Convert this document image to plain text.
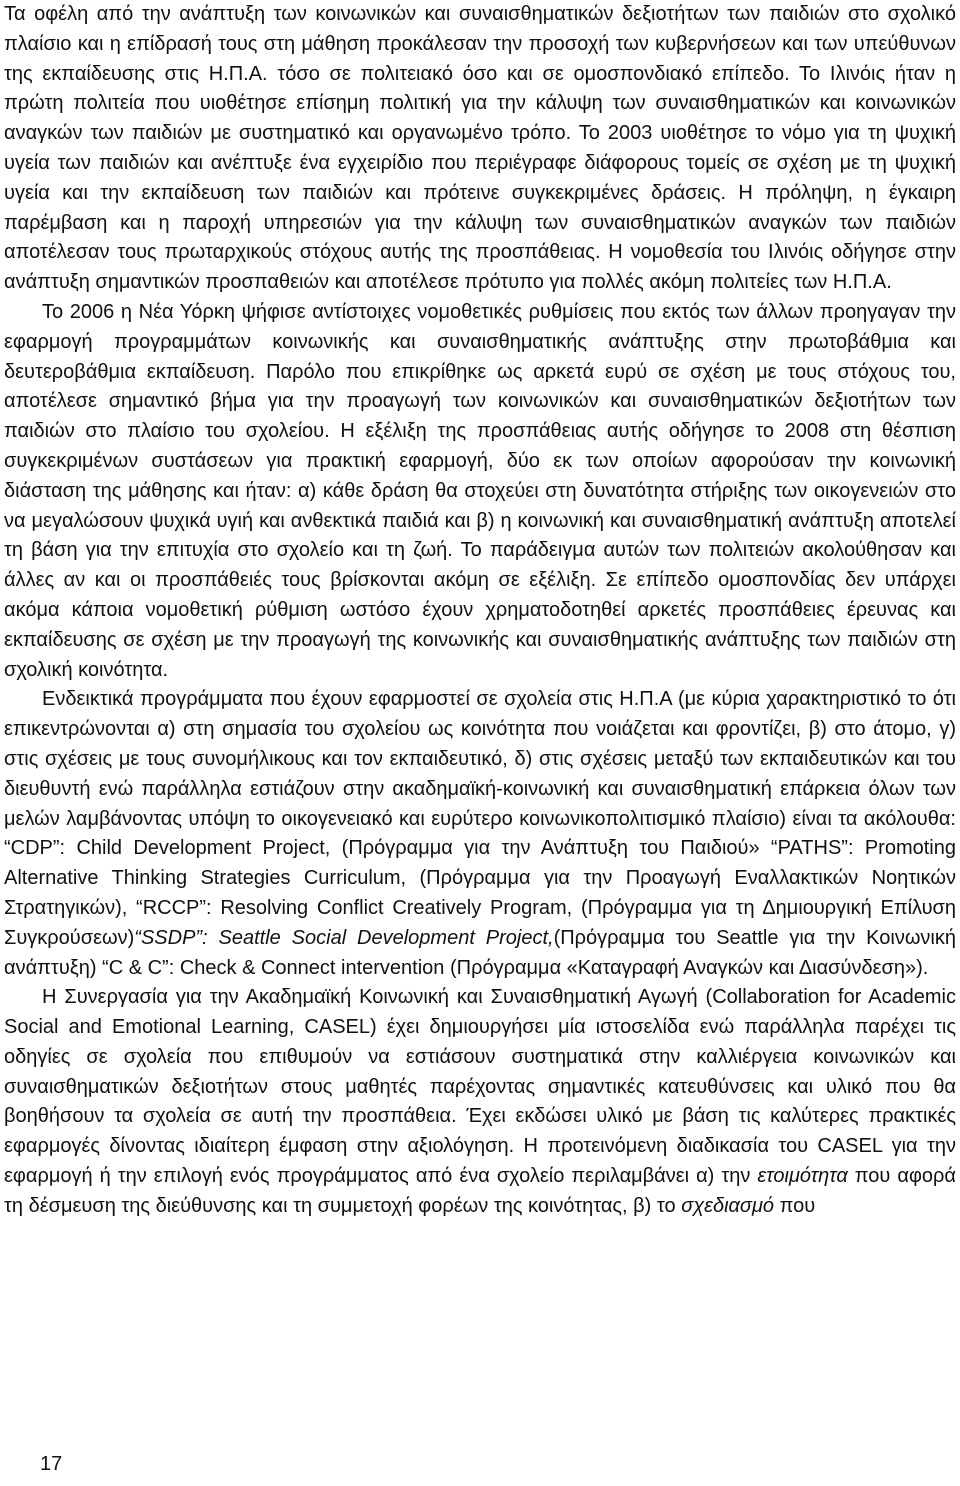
Τα οφέλη από την ανάπτυξη των κοινωνικών και συναισθηματικών δεξιοτήτων των παιδιών στο σχολικό πλαίσιο και η επίδρασή τους στη μάθηση προκάλεσαν την προσοχή των κυβερνήσεων και των υπεύθυνων της εκπαίδευσης στις Η.Π.Α. τόσο σε πολιτειακό όσο και σε ομοσπονδιακό επίπεδο. Το Ιλινόις ήταν η πρώτη πολιτεία που υιοθέτησε επίσημη πολιτική για την κάλυψη των συναισθηματικών και κοινωνικών αναγκών των παιδιών με συστηματικό και οργανωμένο τρόπο. Το 2003 υιοθέτησε το νόμο για τη ψυχική υγεία των παιδιών και ανέπτυξε ένα εγχειρίδιο που περιέγραφε διάφορους τομείς σε σχέση με τη ψυχική υγεία και την εκπαίδευση των παιδιών και πρότεινε συγκεκριμένες δράσεις. Η πρόληψη, η έγκαιρη παρέμβαση και η παροχή υπηρεσιών για την κάλυψη των συναισθηματικών αναγκών των παιδιών αποτέλεσαν τους πρωταρχικούς στόχους αυτής της προσπάθειας. Η νομοθεσία του Ιλινόις οδήγησε στην ανάπτυξη σημαντικών προσπαθειών και αποτέλεσε πρότυπο για πολλές ακόμη πολιτείες των Η.Π.Α.

Το 2006 η Νέα Υόρκη ψήφισε αντίστοιχες νομοθετικές ρυθμίσεις που εκτός των άλλων προηγαγαν την εφαρμογή προγραμμάτων κοινωνικής και συναισθηματικής ανάπτυξης στην πρωτοβάθμια και δευτεροβάθμια εκπαίδευση. Παρόλο που επικρίθηκε ως αρκετά ευρύ σε σχέση με τους στόχους του, αποτέλεσε σημαντικό βήμα για την προαγωγή των κοινωνικών και συναισθηματικών δεξιοτήτων των παιδιών στο πλαίσιο του σχολείου. Η εξέλιξη της προσπάθειας αυτής οδήγησε το 2008 στη θέσπιση συγκεκριμένων συστάσεων για πρακτική εφαρμογή, δύο εκ των οποίων αφορούσαν την κοινωνική διάσταση της μάθησης και ήταν: α) κάθε δράση θα στοχεύει στη δυνατότητα στήριξης των οικογενειών στο να μεγαλώσουν ψυχικά υγιή και ανθεκτικά παιδιά και β) η κοινωνική και συναισθηματική ανάπτυξη αποτελεί τη βάση για την επιτυχία στο σχολείο και τη ζωή. Το παράδειγμα αυτών των πολιτειών ακολούθησαν και άλλες αν και οι προσπάθειές τους βρίσκονται ακόμη σε εξέλιξη. Σε επίπεδο ομοσπονδίας δεν υπάρχει ακόμα κάποια νομοθετική ρύθμιση ωστόσο έχουν χρηματοδοτηθεί αρκετές προσπάθειες έρευνας και εκπαίδευσης σε σχέση με την προαγωγή της κοινωνικής και συναισθηματικής ανάπτυξης των παιδιών στη σχολική κοινότητα.

Ενδεικτικά προγράμματα που έχουν εφαρμοστεί σε σχολεία στις Η.Π.Α (με κύρια χαρακτηριστικό το ότι επικεντρώνονται α) στη σημασία του σχολείου ως κοινότητα που νοιάζεται και φροντίζει, β) στο άτομο, γ) στις σχέσεις με τους συνομήλικους και τον εκπαιδευτικό, δ) στις σχέσεις μεταξύ των εκπαιδευτικών και του διευθυντή ενώ παράλληλα εστιάζουν στην ακαδημαϊκή-κοινωνική και συναισθηματική επάρκεια όλων των μελών λαμβάνοντας υπόψη το οικογενειακό και ευρύτερο κοινωνικοπολιτισμικό πλαίσιο) είναι τα ακόλουθα: “CDP”: Child Development Project, (Πρόγραμμα για την Ανάπτυξη του Παιδιού» “PATHS”: Promoting Alternative Thinking Strategies Curriculum, (Πρόγραμμα για την Προαγωγή Εναλλακτικών Νοητικών Στρατηγικών), “RCCP”: Resolving Conflict Creatively Program, (Πρόγραμμα για τη Δημιουργική Επίλυση Συγκρούσεων)“SSDP”: Seattle Social Development Project,(Πρόγραμμα του Seattle για την Κοινωνική ανάπτυξη) “C & C”: Check & Connect intervention (Πρόγραμμα «Καταγραφή Αναγκών και Διασύνδεση»).

Η Συνεργασία για την Ακαδημαϊκή Κοινωνική και Συναισθηματική Αγωγή (Collaboration for Academic Social and Emotional Learning, CASEL) έχει δημιουργήσει μία ιστοσελίδα ενώ παράλληλα παρέχει τις οδηγίες σε σχολεία που επιθυμούν να εστιάσουν συστηματικά στην καλλιέργεια κοινωνικών και συναισθηματικών δεξιοτήτων στους μαθητές παρέχοντας σημαντικές κατευθύνσεις και υλικό που θα βοηθήσουν τα σχολεία σε αυτή την προσπάθεια. Έχει εκδώσει υλικό με βάση τις καλύτερες πρακτικές εφαρμογές δίνοντας ιδιαίτερη έμφαση στην αξιολόγηση. Η προτεινόμενη διαδικασία του CASEL για την εφαρμογή ή την επιλογή ενός προγράμματος από ένα σχολείο περιλαμβάνει α) την ετοιμότητα που αφορά τη δέσμευση της διεύθυνσης και τη συμμετοχή φορέων της κοινότητας, β) το σχεδιασμό που

17
